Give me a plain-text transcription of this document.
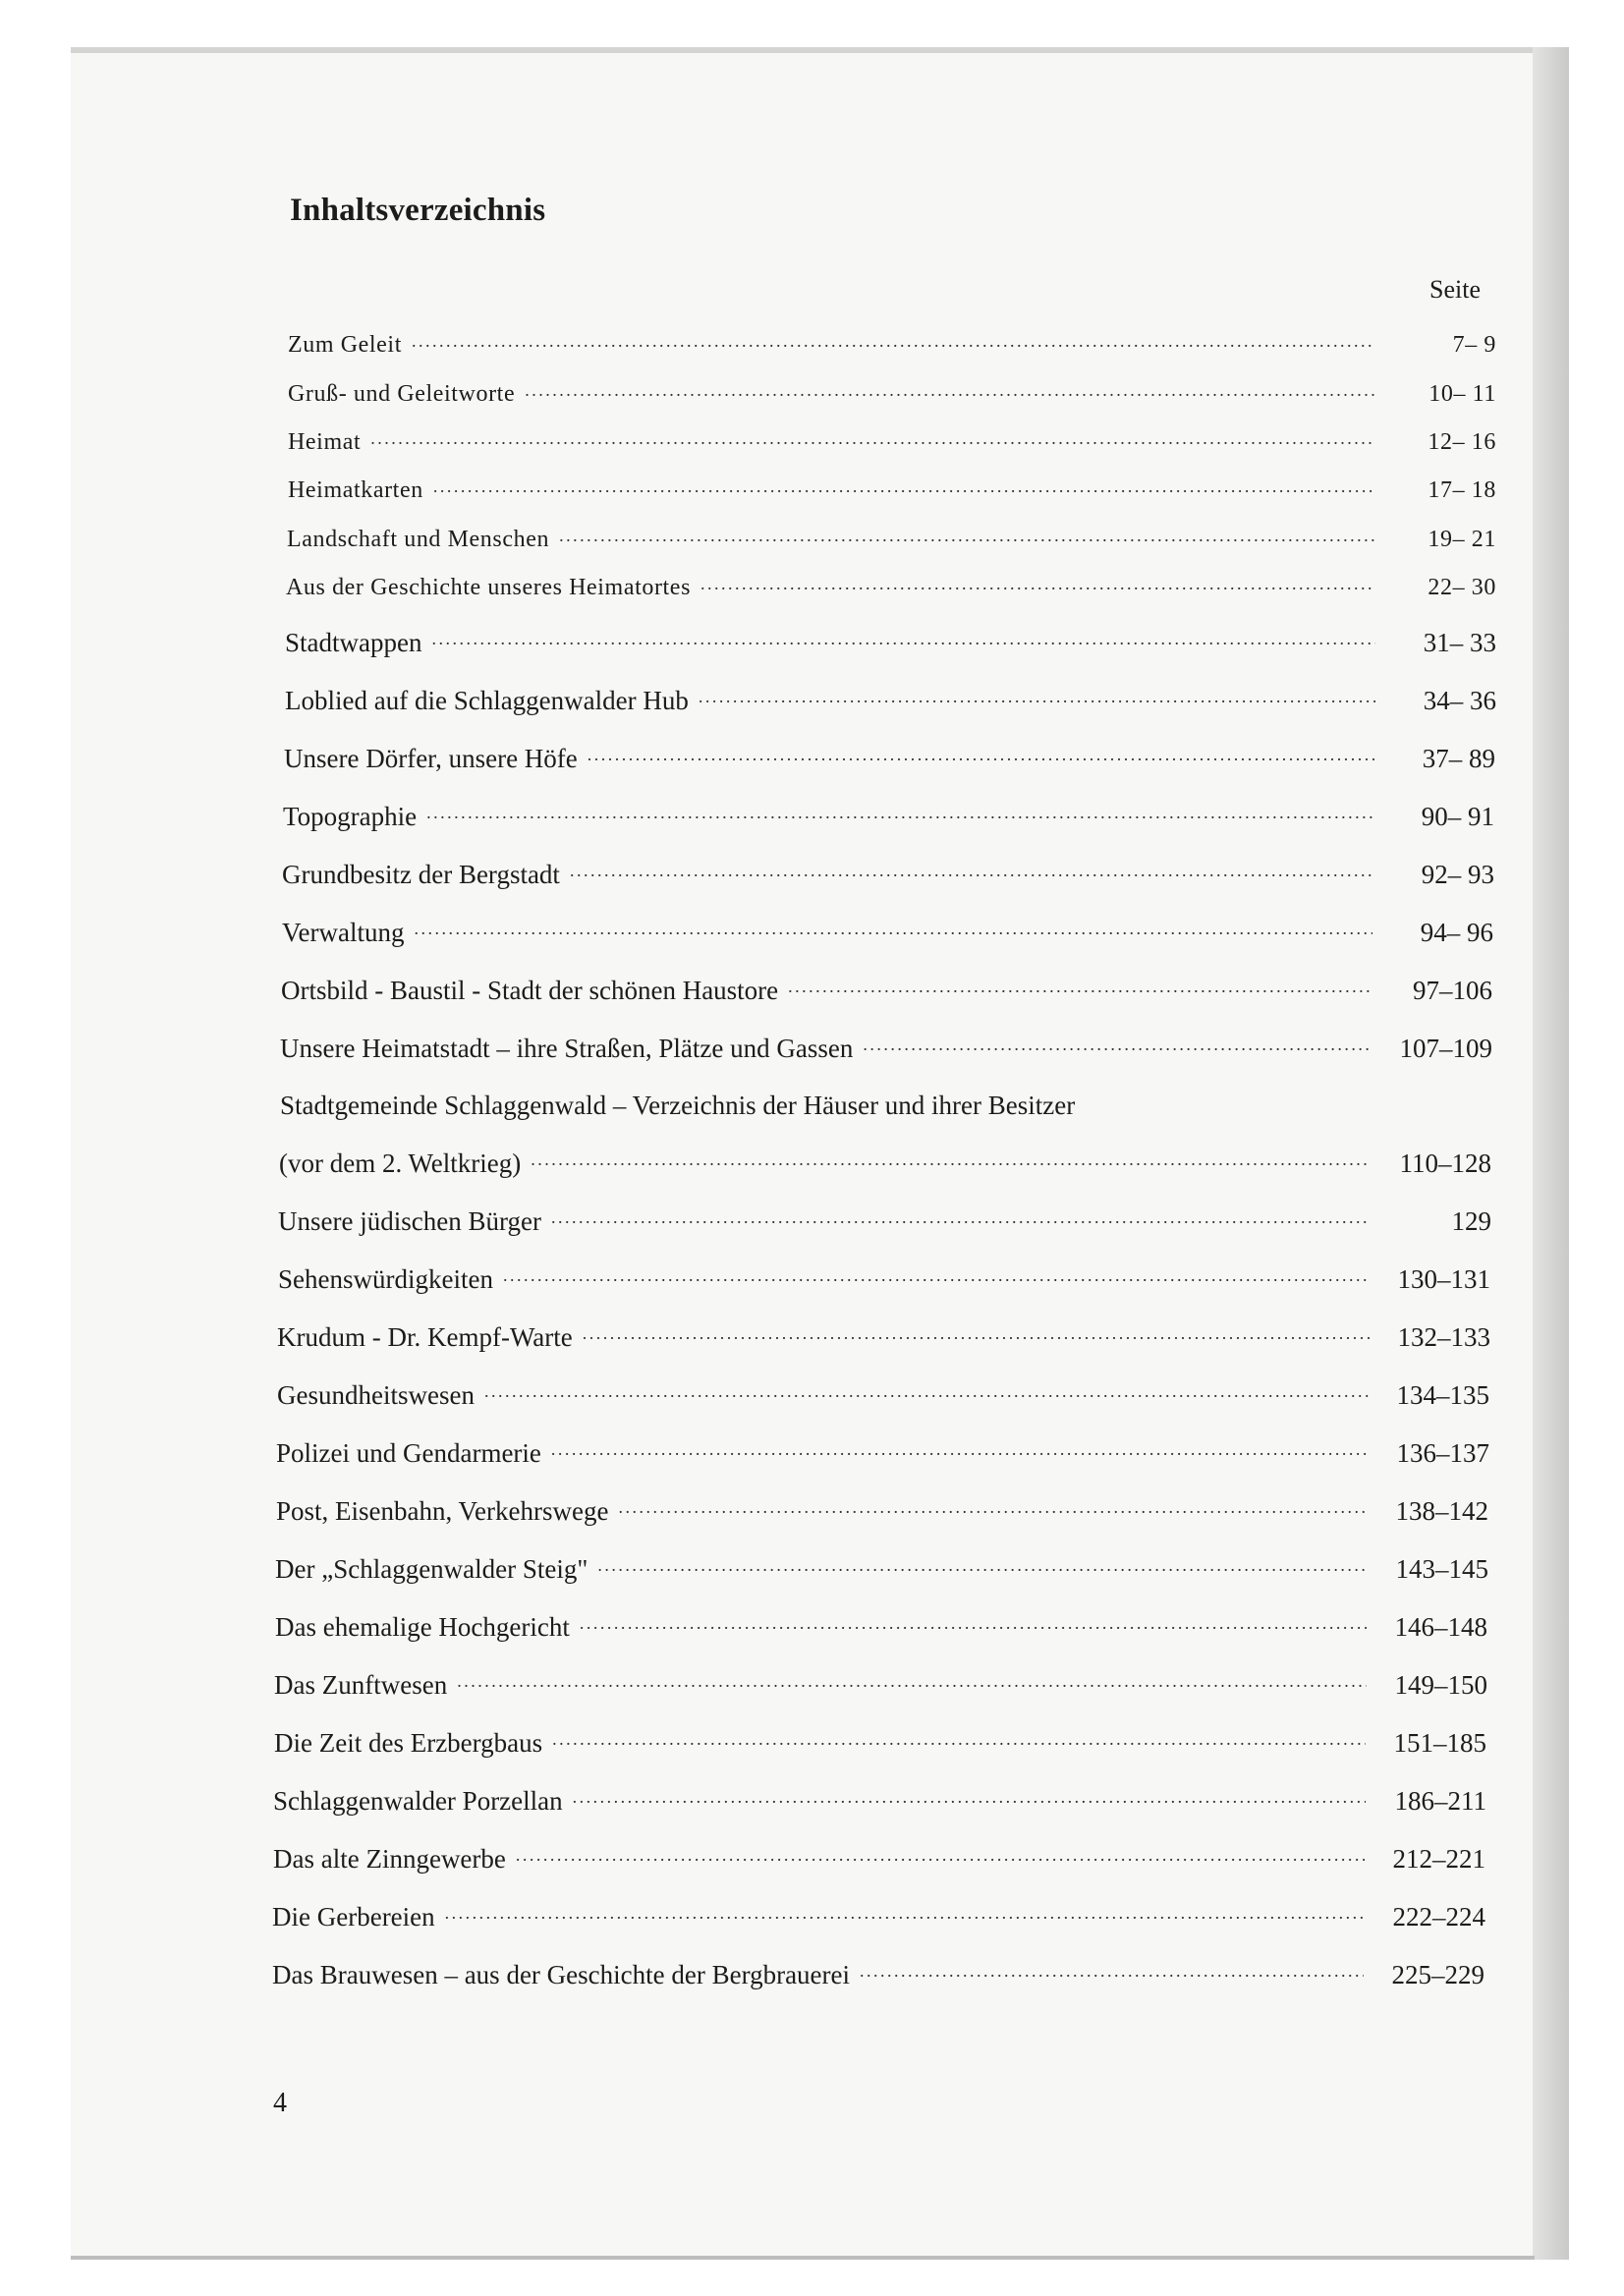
Inhaltsverzeichnis
Seite
Zum Geleit . . .	7– 9
Gruß- und Geleitworte . . .	10– 11
Heimat . . .	12– 16
Heimatkarten . . .	17– 18
Landschaft und Menschen . . .	19– 21
Aus der Geschichte unseres Heimatortes . . .	22– 30
Stadtwappen . . .	31– 33
Loblied auf die Schlaggenwalder Hub . . .	34– 36
Unsere Dörfer, unsere Höfe . . .	37– 89
Topographie . . .	90– 91
Grundbesitz der Bergstadt . . .	92– 93
Verwaltung . . .	94– 96
Ortsbild - Baustil - Stadt der schönen Haustore . . .	97–106
Unsere Heimatstadt – ihre Straßen, Plätze und Gassen . . .	107–109
Stadtgemeinde Schlaggenwald – Verzeichnis der Häuser und ihrer Besitzer
(vor dem 2. Weltkrieg) . . .	110–128
Unsere jüdischen Bürger . . .	129
Sehenswürdigkeiten . . .	130–131
Krudum - Dr. Kempf-Warte . . .	132–133
Gesundheitswesen . . .	134–135
Polizei und Gendarmerie . . .	136–137
Post, Eisenbahn, Verkehrswege . . .	138–142
Der „Schlaggenwalder Steig" . . .	143–145
Das ehemalige Hochgericht . . .	146–148
Das Zunftwesen . . .	149–150
Die Zeit des Erzbergbaus . . .	151–185
Schlaggenwalder Porzellan . . .	186–211
Das alte Zinngewerbe . . .	212–221
Die Gerbereien . . .	222–224
Das Brauwesen – aus der Geschichte der Bergbrauerei . . .	225–229
4
